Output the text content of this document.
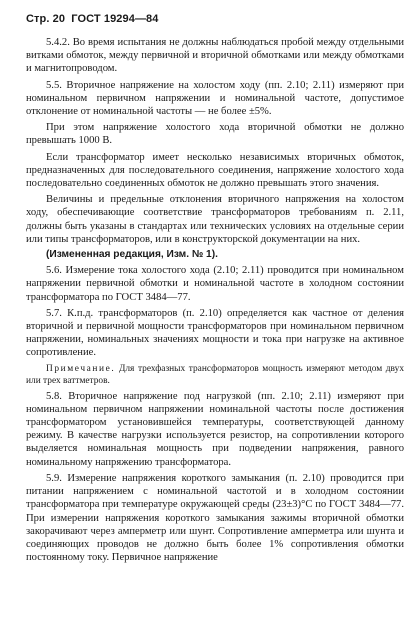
Стр. 20 ГОСТ 19294—84

5.4.2. Во время испытания не должны наблюдаться пробой между отдельными витками обмоток, между первичной и вторичной обмотками или между обмотками и магнитопроводом.

5.5. Вторичное напряжение на холостом ходу (пп. 2.10; 2.11) измеряют при номинальном первичном напряжении и номинальной частоте, допустимое отклонение от номинальной частоты — не более ±5%.

При этом напряжение холостого хода вторичной обмотки не должно превышать 1000 В.

Если трансформатор имеет несколько независимых вторичных обмоток, предназначенных для последовательного соединения, напряжение холостого хода последовательно соединенных обмоток не должно превышать этого значения.

Величины и предельные отклонения вторичного напряжения на холостом ходу, обеспечивающие соответствие трансформаторов требованиям п. 2.11, должны быть указаны в стандартах или технических условиях на отдельные серии или типы трансформаторов, или в конструкторской документации на них.

(Измененная редакция, Изм. № 1).

5.6. Измерение тока холостого хода (2.10; 2.11) проводится при номинальном напряжении первичной обмотки и номинальной частоте в холодном состоянии трансформатора по ГОСТ 3484—77.

5.7. К.п.д. трансформаторов (п. 2.10) определяется как частное от деления вторичной и первичной мощности трансформаторов при номинальном первичном напряжении, номинальных значениях мощности и тока при нагрузке на активное сопротивление.

Примечание. Для трехфазных трансформаторов мощность измеряют методом двух или трех ваттметров.

5.8. Вторичное напряжение под нагрузкой (пп. 2.10; 2.11) измеряют при номинальном первичном напряжении номинальной частоты после достижения трансформатором установившейся температуры, соответствующей данному режиму. В качестве нагрузки используется резистор, на сопротивлении которого выделяется номинальная мощность при подведении напряжения, равного номинальному напряжению трансформатора.

5.9. Измерение напряжения короткого замыкания (п. 2.10) проводится при питании напряжением с номинальной частотой и в холодном состоянии трансформатора при температуре окружающей среды (23±3)°С по ГОСТ 3484—77. При измерении напряжения короткого замыкания зажимы вторичной обмотки закорачивают через амперметр или шунт. Сопротивление амперметра или шунта и соединяющих проводов не должно быть более 1% сопротивления обмотки постоянному току. Первичное напряжение
